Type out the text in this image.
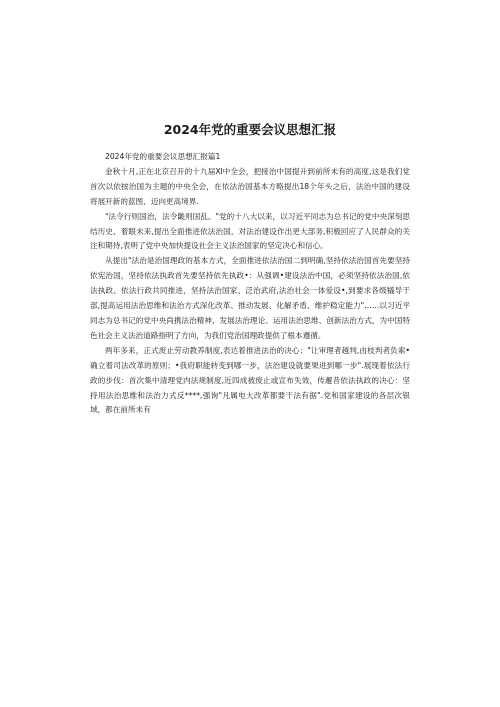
2024年党的重要会议思想汇报

2024年党的重要会议思想汇报篇1

金秋十月,正在北京召开的十九届Ⅺ中全会，把接治中国提升到前所未有的高度,这是我们党首次以依按治国为主题的中央全会，在依法治国基本方略提出18个年头之后，法治中国的建设将展开新的蓝图、迈向更高境界.

"法令行则国治，法令畿则国乱。"党的十八大以来，以习近平同志为总书记的党中央深刻思结历史、着眼未来,提出全面推进依法治国，对法治建设作出更大部务,积极回应了人民群众的关注和期待,表明了党中央加快提设社会主义法治国家的坚定决心和信心。

从提出"法治是治国理政的基本方式，全面推进依法治国二到明确,坚持依法治国首先要坚持依宪治国，坚持依法执政首先要坚持依先执政•：从强调•建设法治中国，必须坚持依法治国,依法执政、依法行政共同推进，坚持法治国家、泛治武府,法治社会一体爱设•,到要求各级犠导干部,提高运用法治思维和法治方式深化改革、推动发展、化解矛盾、维护稳定能力"……以习近平同志为总书记的党中央尚携法治精神、发展法治理论、运用法治思维、创新法治方式，为中国特色社会主义法治道路指明了方向，为我们党治国理政提供了根本遵循。

两年多来，正式废止劳动教养制度,表达着推进法治的决心；"让审理者越判,由枝判者负索•确立着司法改革的原则；•我府职能转变到哪一步，法治建设就要果进到哪一步".展现着依法行政的步伐：首次集中清理党内法规制度,近四成被废止或宣布失效，传邂昔依法执政的决心：坚持用法治思维和法治力式反****,强询"凡属电大改革都要干法有据".党和国家建设的各层次银域，都在前所未有
